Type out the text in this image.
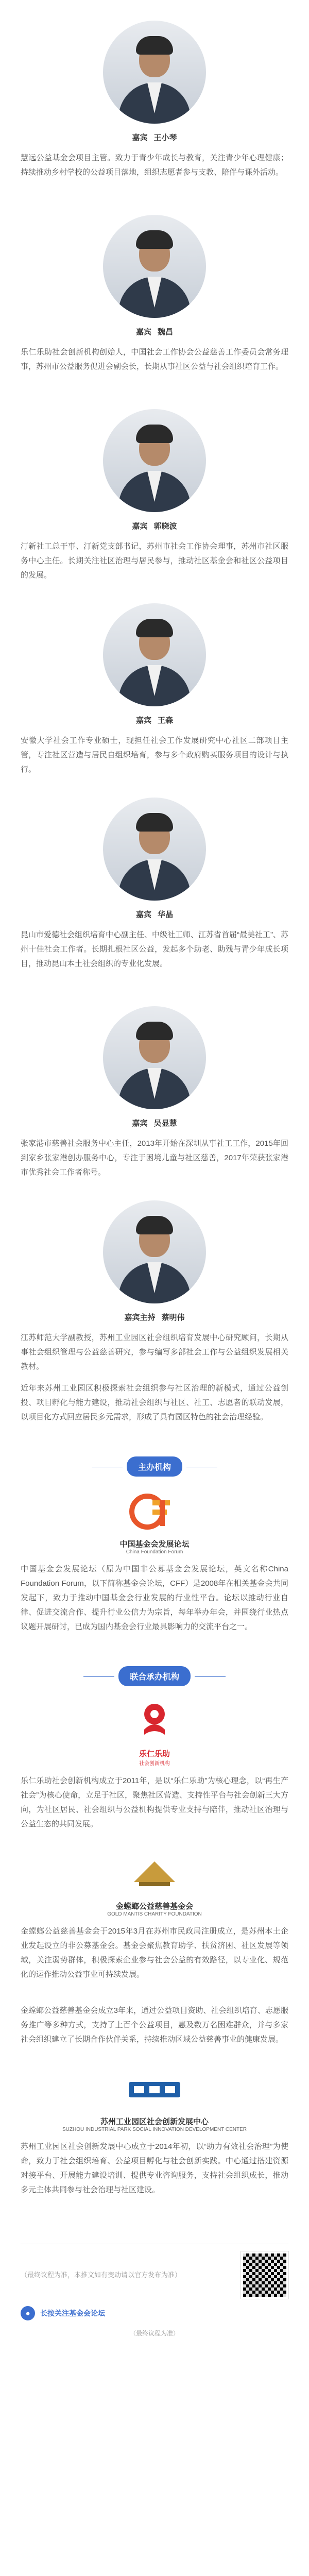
嘉宾 王小琴
慧远公益基金会项目主管。致力于青少年成长与教育，关注青少年心理健康；持续推动乡村学校的公益项目落地，组织志愿者参与支教、陪伴与课外活动。
嘉宾 魏昌
乐仁乐助社会创新机构创始人，中国社会工作协会公益慈善工作委员会常务理事，苏州市公益服务促进会副会长，长期从事社区公益与社会组织培育工作。
嘉宾 郭晓波
汀新社工总干事、汀新党支部书记，苏州市社会工作协会理事，苏州市社区服务中心主任。长期关注社区治理与居民参与，推动社区基金会和社区公益项目的发展。
嘉宾 王森
安徽大学社会工作专业硕士，现担任社会工作发展研究中心社区二部项目主管，专注社区营造与居民自组织培育，参与多个政府购买服务项目的设计与执行。
嘉宾 华晶
昆山市爱德社会组织培育中心副主任、中级社工师、江苏省首届“最美社工”、苏州十佳社会工作者。长期扎根社区公益，发起多个助老、助残与青少年成长项目，推动昆山本土社会组织的专业化发展。
嘉宾 吴显慧
张家港市慈善社会服务中心主任，2013年开始在深圳从事社工工作，2015年回到家乡张家港创办服务中心，专注于困境儿童与社区慈善，2017年荣获张家港市优秀社会工作者称号。
嘉宾主持 蔡明伟
江苏师范大学副教授，苏州工业园区社会组织培育发展中心研究顾问，长期从事社会组织管理与公益慈善研究，参与编写多部社会工作与公益组织发展相关教材。
近年来苏州工业园区积极探索社会组织参与社区治理的新模式，通过公益创投、项目孵化与能力建设，推动社会组织与社区、社工、志愿者的联动发展，以项目化方式回应居民多元需求，形成了具有园区特色的社会治理经验。
主办机构
中国基金会发展论坛
China Foundation Forum
中国基金会发展论坛（原为中国非公募基金会发展论坛，英文名称China Foundation Forum，以下简称基金会论坛，CFF）是2008年在相关基金会共同发起下，致力于推动中国基金会行业发展的行业性平台。论坛以推动行业自律、促进交流合作、提升行业公信力为宗旨，每年举办年会，并围绕行业热点议题开展研讨，已成为国内基金会行业最具影响力的交流平台之一。
联合承办机构
乐仁乐助
社会创新机构
乐仁乐助社会创新机构成立于2011年，是以“乐仁乐助”为核心理念，以“再生产社会”为核心使命，立足于社区，聚焦社区营造、支持性平台与社会创新三大方向，为社区居民、社会组织与公益机构提供专业支持与陪伴，推动社区治理与公益生态的共同发展。
金螳螂公益慈善基金会
GOLD MANTIS CHARITY FOUNDATION
金螳螂公益慈善基金会于2015年3月在苏州市民政局注册成立，是苏州本土企业发起设立的非公募基金会。基金会聚焦教育助学、扶贫济困、社区发展等领域，关注弱势群体，积极探索企业参与社会公益的有效路径，以专业化、规范化的运作推动公益事业可持续发展。
金螳螂公益慈善基金会成立3年来，通过公益项目资助、社会组织培育、志愿服务推广等多种方式，支持了上百个公益项目，惠及数万名困难群众，并与多家社会组织建立了长期合作伙伴关系，持续推动区域公益慈善事业的健康发展。
苏州工业园区社会创新发展中心
SUZHOU INDUSTRIAL PARK SOCIAL INNOVATION DEVELOPMENT CENTER
苏州工业园区社会创新发展中心成立于2014年初，以“助力有效社会治理”为使命，致力于社会组织培育、公益项目孵化与社会创新实践。中心通过搭建资源对接平台、开展能力建设培训、提供专业咨询服务，支持社会组织成长，推动多元主体共同参与社会治理与社区建设。
（最终议程为准，本推文如有变动请以官方发布为准）
●	长按关注基金会论坛
（最终议程为准）
